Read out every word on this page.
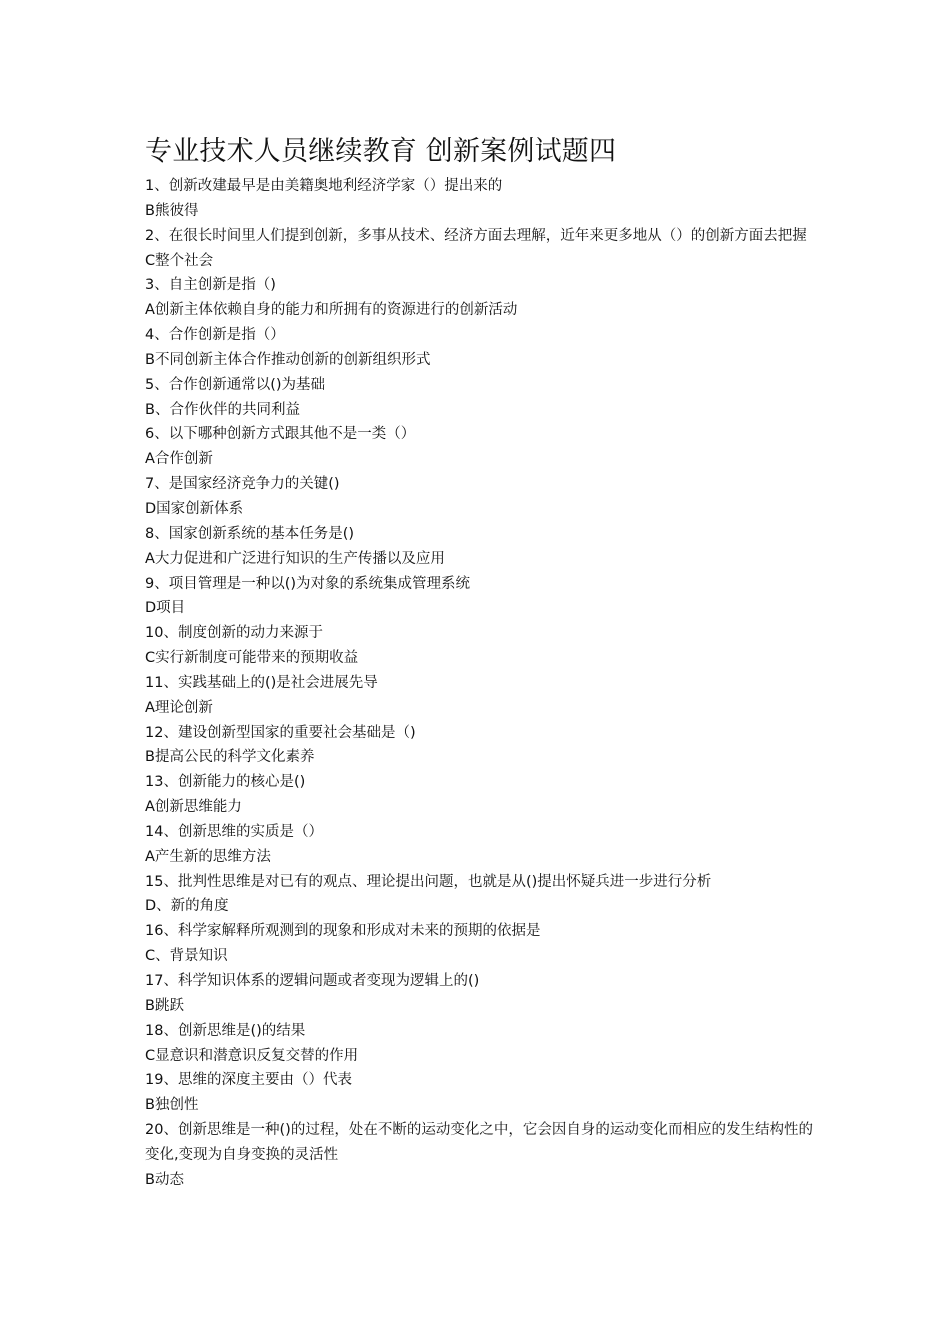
专业技术人员继续教育 创新案例试题四
1、创新改建最早是由美籍奥地利经济学家（）提出来的
B熊彼得
2、在很长时间里人们提到创新，多事从技术、经济方面去理解，近年来更多地从（）的创新方面去把握
C整个社会
3、自主创新是指（)
A创新主体依赖自身的能力和所拥有的资源进行的创新活动
4、合作创新是指（）
B不同创新主体合作推动创新的创新组织形式
5、合作创新通常以()为基础
B、合作伙伴的共同利益
6、以下哪种创新方式跟其他不是一类（）
A合作创新
7、是国家经济竞争力的关键()
D国家创新体系
8、国家创新系统的基本任务是()
A大力促进和广泛进行知识的生产传播以及应用
9、项目管理是一种以()为对象的系统集成管理系统
D项目
10、制度创新的动力来源于
C实行新制度可能带来的预期收益
11、实践基础上的()是社会进展先导
A理论创新
12、建设创新型国家的重要社会基础是（)
B提高公民的科学文化素养
13、创新能力的核心是()
A创新思维能力
14、创新思维的实质是（）
A产生新的思维方法
15、批判性思维是对已有的观点、理论提出问题，也就是从()提出怀疑兵进一步进行分析
D、新的角度
16、科学家解释所观测到的现象和形成对未来的预期的依据是
C、背景知识
17、科学知识体系的逻辑问题或者变现为逻辑上的()
B跳跃
18、创新思维是()的结果
C显意识和潜意识反复交替的作用
19、思维的深度主要由（）代表
B独创性
20、创新思维是一种()的过程，处在不断的运动变化之中，它会因自身的运动变化而相应的发生结构性的变化,变现为自身变换的灵活性
B动态
